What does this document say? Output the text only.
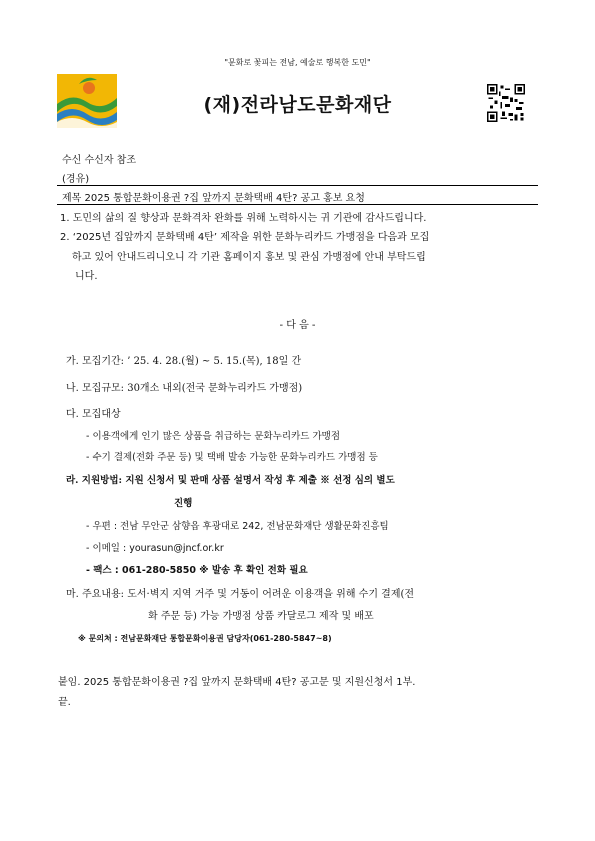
"문화로 꽃피는 전남, 예술로 행복한 도민"
(재)전라남도문화재단
수신 수신자 참조
(경유)
제목 2025 통합문화이용권 ?집 앞까지 문화택배 4탄? 공고 홍보 요청
1. 도민의 삶의 질 향상과 문화격차 완화를 위해 노력하시는 귀 기관에 감사드립니다.
2. ‘2025년 집앞까지 문화택배 4탄’ 제작을 위한 문화누리카드 가맹점을 다음과 모집
하고 있어 안내드리니오니 각 기관 홈페이지 홍보 및 관심 가맹점에 안내 부탁드립
니다.
- 다 음 -
가. 모집기간: ’ 25. 4. 28.(월) ~ 5. 15.(목), 18일 간
나. 모집규모: 30개소 내외(전국 문화누리카드 가맹점)
다. 모집대상
- 이용객에게 인기 많은 상품을 취급하는 문화누리카드 가맹점
- 수기 결제(전화 주문 등) 및 택배 발송 가능한 문화누리카드 가맹점 등
라. 지원방법: 지원 신청서 및 판매 상품 설명서 작성 후 제출 ※ 선정 심의 별도
진행
- 우편 : 전남 무안군 삼향읍 후광대로 242, 전남문화재단 생활문화진흥팀
- 이메일 : yourasun@jncf.or.kr
- 팩스 : 061-280-5850 ※ 발송 후 확인 전화 필요
마. 주요내용: 도서·벽지 지역 거주 및 거동이 어려운 이용객을 위해 수기 결제(전
화 주문 등) 가능 가맹점 상품 카달로그 제작 및 배포
※ 문의처 : 전남문화재단 통합문화이용권 담당자(061-280-5847~8)
붙임. 2025 통합문화이용권 ?집 앞까지 문화택배 4탄? 공고문 및 지원신청서 1부.
끝.
